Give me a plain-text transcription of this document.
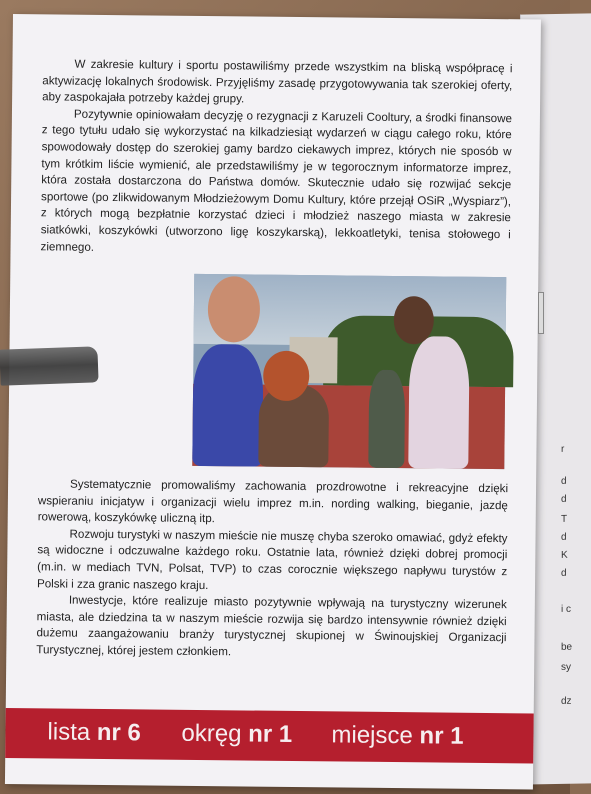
r
d
d
T
d
K
d
i c
be
sy
dz

W zakresie kultury i sportu postawiliśmy przede wszystkim na bliską współpracę i aktywizację lokalnych środowisk. Przyjęliśmy zasadę przygotowywania tak szerokiej oferty, aby zaspokajała potrzeby każdej grupy.

Pozytywnie opiniowałam decyzję o rezygnacji z Karuzeli Cooltury, a środki finansowe z tego tytułu udało się wykorzystać na kilkadziesiąt wydarzeń w ciągu całego roku, które spowodowały dostęp do szerokiej gamy bardzo ciekawych imprez, których nie sposób w tym krótkim liście wymienić, ale przedstawiliśmy je w tegorocznym informatorze imprez, która została dostarczona do Państwa domów. Skutecznie udało się rozwijać sekcje sportowe (po zlikwidowanym Młodzieżowym Domu Kultury, które przejął OSiR „Wyspiarz”), z których mogą bezpłatnie korzystać dzieci i młodzież naszego miasta w zakresie siatkówki, koszykówki (utworzono ligę koszykarską), lekkoatletyki, tenisa stołowego i ziemnego.

Systematycznie promowaliśmy zachowania prozdrowotne i rekreacyjne dzięki wspieraniu inicjatyw i organizacji wielu imprez m.in. nording walking, bieganie, jazdę rowerową, koszykówkę uliczną itp.

Rozwoju turystyki w naszym mieście nie muszę chyba szeroko omawiać, gdyż efekty są widoczne i odczuwalne każdego roku. Ostatnie lata, również dzięki dobrej promocji (m.in. w mediach TVN, Polsat, TVP) to czas corocznie większego napływu turystów z Polski i zza granic naszego kraju.

Inwestycje, które realizuje miasto pozytywnie wpływają na turystyczny wizerunek miasta, ale dziedzina ta w naszym mieście rozwija się bardzo intensywnie również dzięki dużemu zaangażowaniu branży turystycznej skupionej w Świnoujskiej Organizacji Turystycznej, której jestem członkiem.

lista nr 6 okręg nr 1 miejsce nr 1
